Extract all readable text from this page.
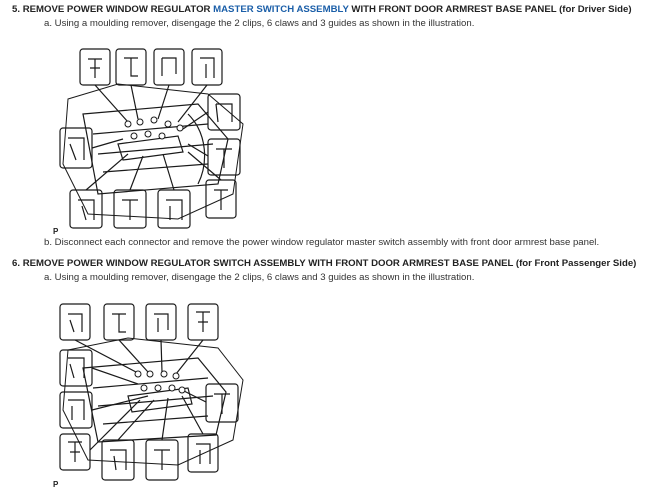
5. REMOVE POWER WINDOW REGULATOR MASTER SWITCH ASSEMBLY WITH FRONT DOOR ARMREST BASE PANEL (for Driver Side)
a. Using a moulding remover, disengage the 2 clips, 6 claws and 3 guides as shown in the illustration.
P
b. Disconnect each connector and remove the power window regulator master switch assembly with front door armrest base panel.
6. REMOVE POWER WINDOW REGULATOR SWITCH ASSEMBLY WITH FRONT DOOR ARMREST BASE PANEL (for Front Passenger Side)
a. Using a moulding remover, disengage the 2 clips, 6 claws and 3 guides as shown in the illustration.
P
